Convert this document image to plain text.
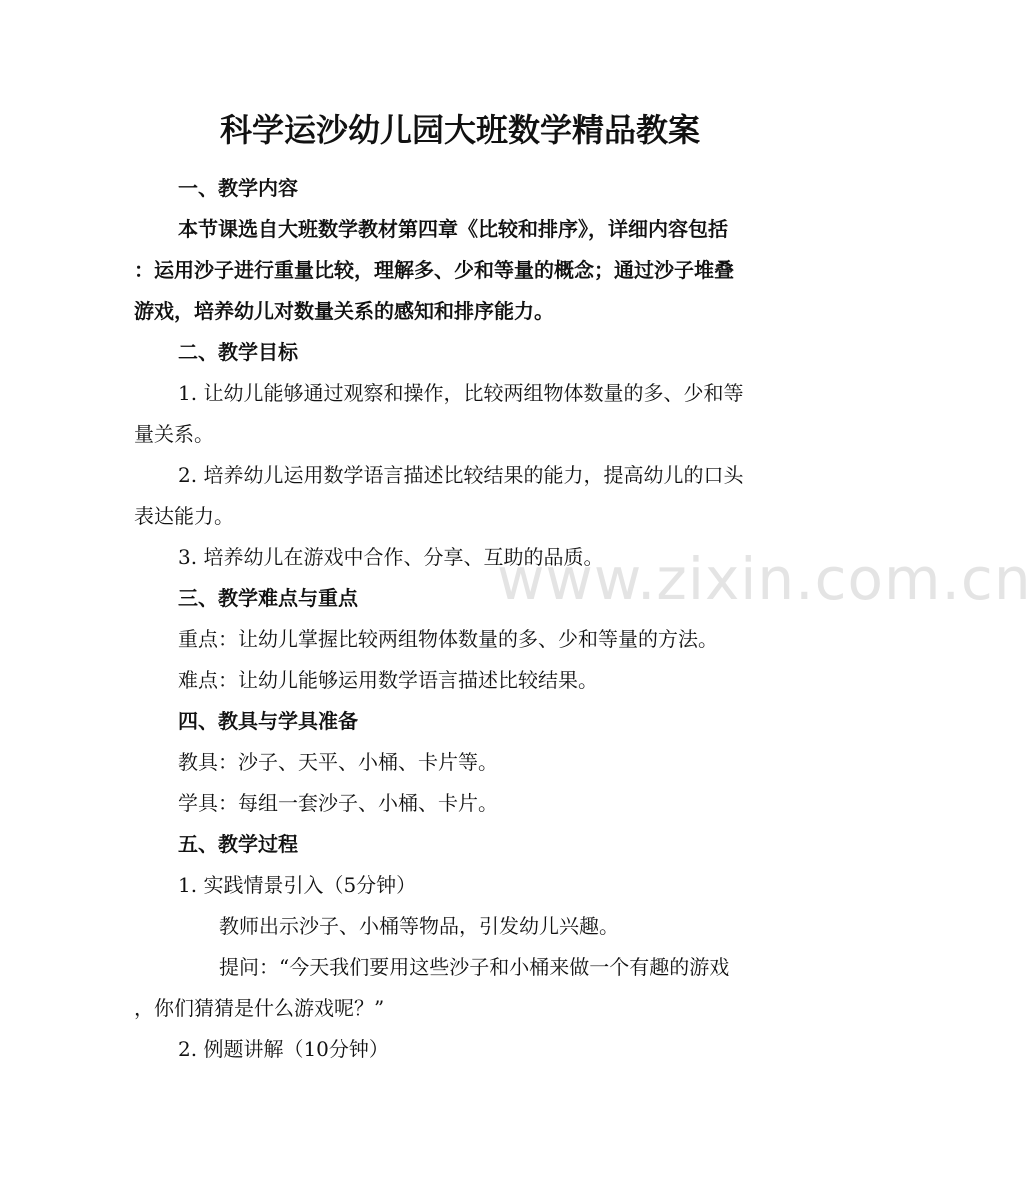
www.zixin.com.cn
科学运沙幼儿园大班数学精品教案
一、教学内容
本节课选自大班数学教材第四章《比较和排序》，详细内容包括
：运用沙子进行重量比较，理解多、少和等量的概念；通过沙子堆叠
游戏，培养幼儿对数量关系的感知和排序能力。
二、教学目标
1. 让幼儿能够通过观察和操作，比较两组物体数量的多、少和等
量关系。
2. 培养幼儿运用数学语言描述比较结果的能力，提高幼儿的口头
表达能力。
3. 培养幼儿在游戏中合作、分享、互助的品质。
三、教学难点与重点
重点：让幼儿掌握比较两组物体数量的多、少和等量的方法。
难点：让幼儿能够运用数学语言描述比较结果。
四、教具与学具准备
教具：沙子、天平、小桶、卡片等。
学具：每组一套沙子、小桶、卡片。
五、教学过程
1. 实践情景引入（5分钟）
教师出示沙子、小桶等物品，引发幼儿兴趣。
提问：“今天我们要用这些沙子和小桶来做一个有趣的游戏
，你们猜猜是什么游戏呢？”
2. 例题讲解（10分钟）
